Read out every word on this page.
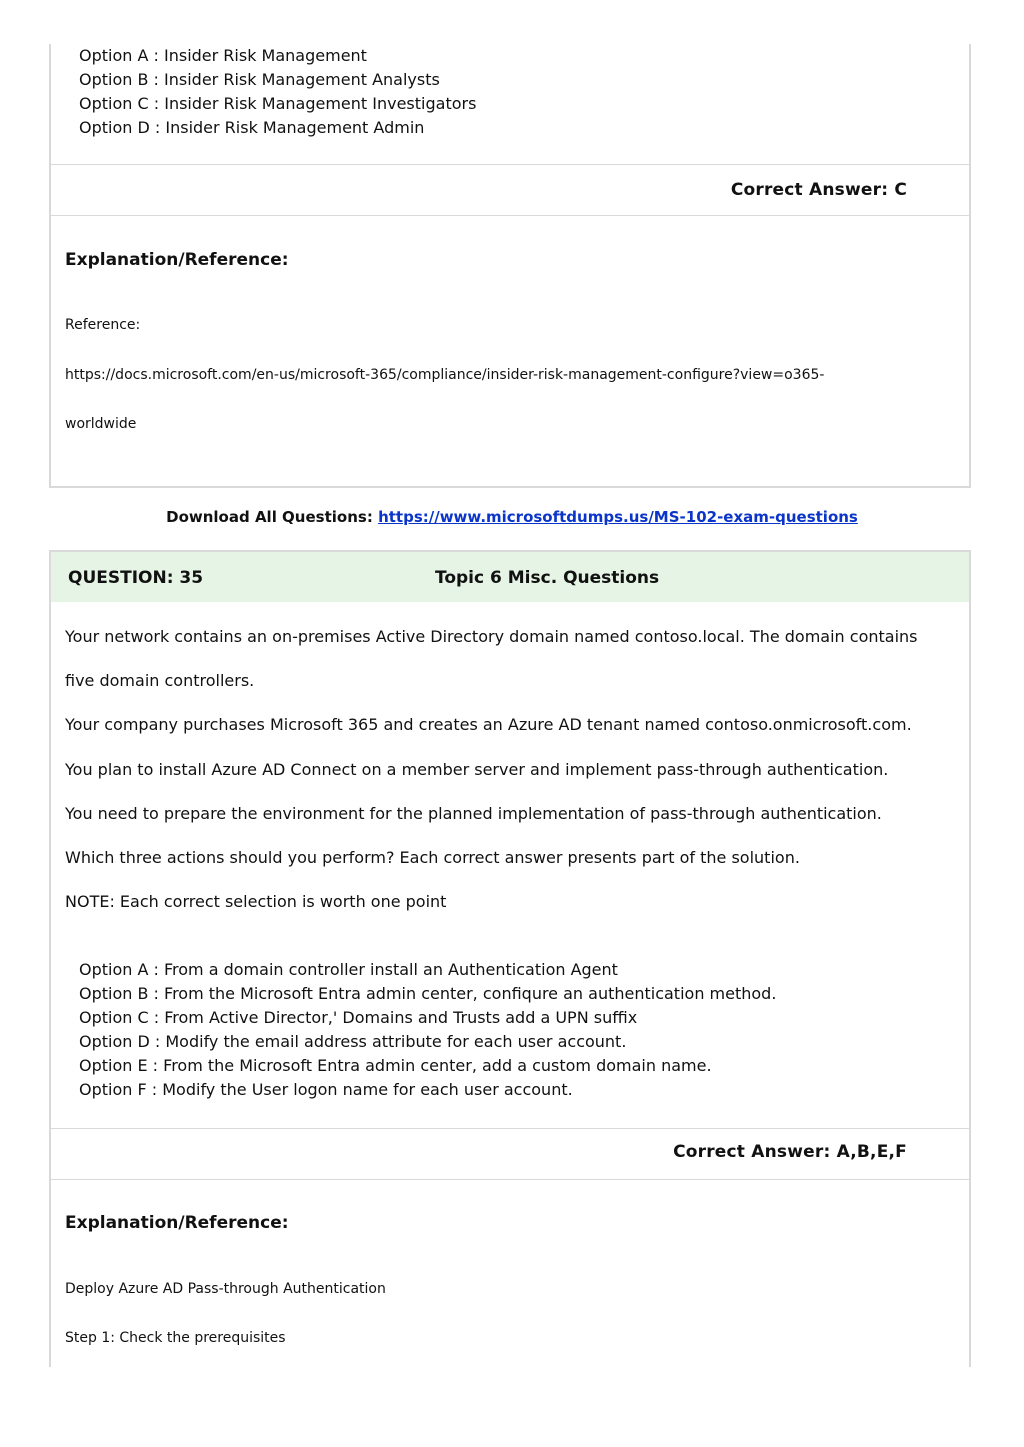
Option A : Insider Risk Management
Option B : Insider Risk Management Analysts
Option C : Insider Risk Management Investigators
Option D : Insider Risk Management Admin
Correct Answer: C
Explanation/Reference:
Reference:
https://docs.microsoft.com/en-us/microsoft-365/compliance/insider-risk-management-configure?view=o365-
worldwide
Download All Questions: https://www.microsoftdumps.us/MS-102-exam-questions
QUESTION: 35	Topic 6 Misc. Questions
Your network contains an on-premises Active Directory domain named contoso.local. The domain contains
five domain controllers.
Your company purchases Microsoft 365 and creates an Azure AD tenant named contoso.onmicrosoft.com.
You plan to install Azure AD Connect on a member server and implement pass-through authentication.
You need to prepare the environment for the planned implementation of pass-through authentication.
Which three actions should you perform? Each correct answer presents part of the solution.
NOTE: Each correct selection is worth one point
Option A : From a domain controller install an Authentication Agent
Option B : From the Microsoft Entra admin center, confiqure an authentication method.
Option C : From Active Director,' Domains and Trusts add a UPN suffix
Option D : Modify the email address attribute for each user account.
Option E : From the Microsoft Entra admin center, add a custom domain name.
Option F : Modify the User logon name for each user account.
Correct Answer: A,B,E,F
Explanation/Reference:
Deploy Azure AD Pass-through Authentication
Step 1: Check the prerequisites
